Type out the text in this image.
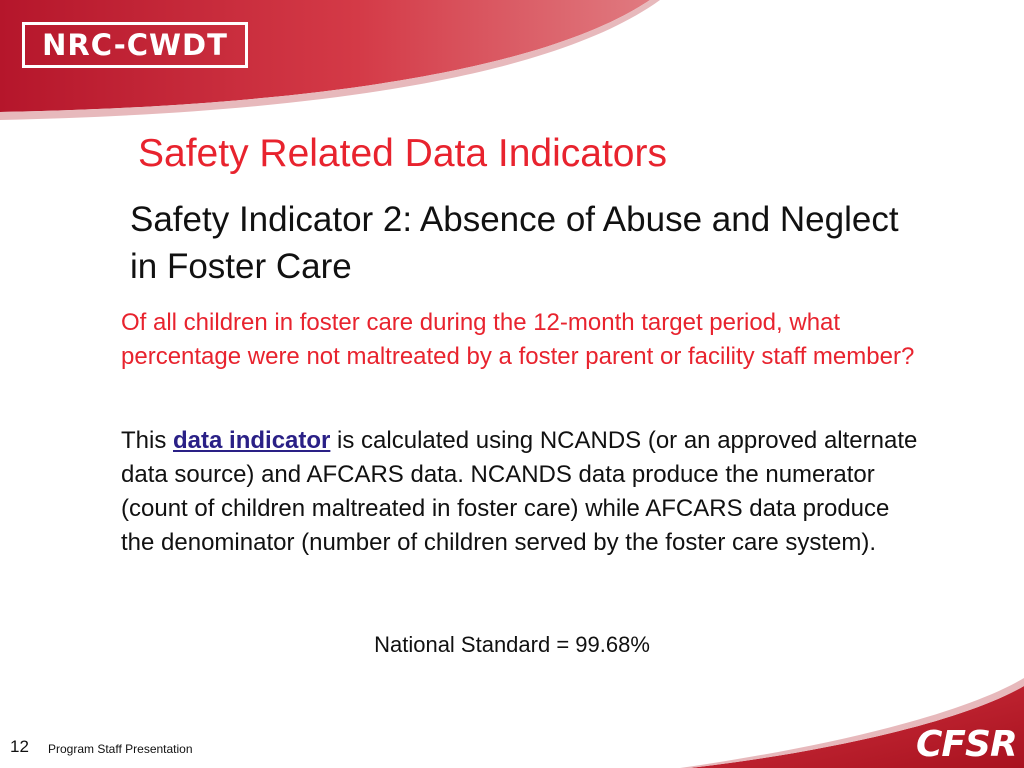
NRC-CWDT
Safety Related Data Indicators
Safety Indicator 2: Absence of Abuse and Neglect in Foster Care

Of all children in foster care during the 12-month target period, what percentage were not maltreated by a foster parent or facility staff member?

This data indicator is calculated using NCANDS (or an approved alternate data source) and AFCARS data. NCANDS data produce the numerator (count of children maltreated in foster care) while AFCARS data produce the denominator (number of children served by the foster care system).

National Standard = 99.68%
12 Program Staff Presentation	CFSR
